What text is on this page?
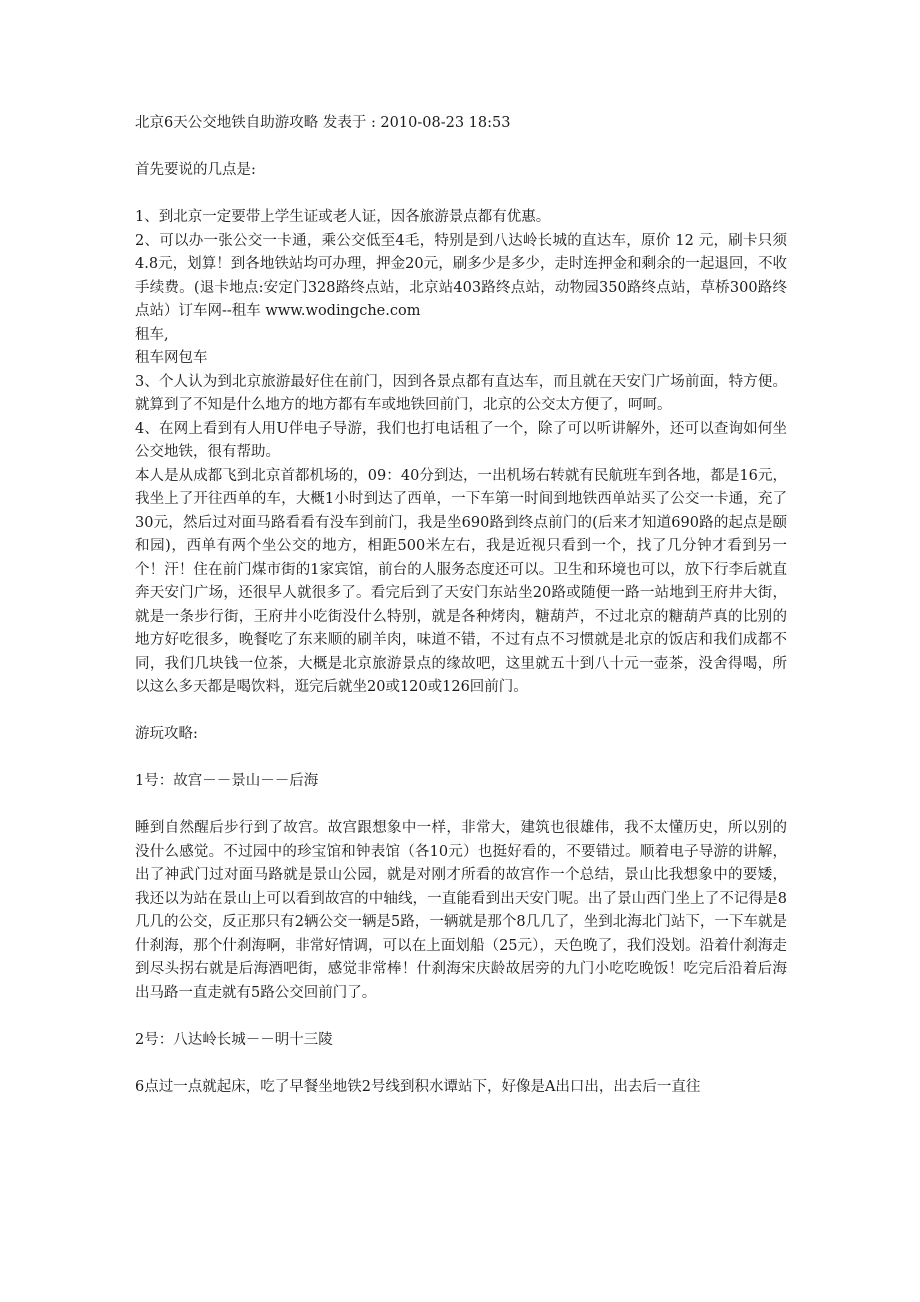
北京6天公交地铁自助游攻略 发表于 : 2010-08-23 18:53

首先要说的几点是:

1、到北京一定要带上学生证或老人证，因各旅游景点都有优惠。

2、可以办一张公交一卡通，乘公交低至4毛，特别是到八达岭长城的直达车，原价 12 元，刷卡只须4.8元，划算！到各地铁站均可办理，押金20元，刷多少是多少，走时连押金和剩余的一起退回，不收手续费。(退卡地点:安定门328路终点站，北京站403路终点站，动物园350路终点站，草桥300路终点站）订车网--租车 www.wodingche.com

租车,

租车网包车

3、个人认为到北京旅游最好住在前门，因到各景点都有直达车，而且就在天安门广场前面，特方便。就算到了不知是什么地方的地方都有车或地铁回前门，北京的公交太方便了，呵呵。

4、在网上看到有人用U伴电子导游，我们也打电话租了一个，除了可以听讲解外，还可以查询如何坐公交地铁，很有帮助。

本人是从成都飞到北京首都机场的，09：40分到达，一出机场右转就有民航班车到各地，都是16元，我坐上了开往西单的车，大概1小时到达了西单，一下车第一时间到地铁西单站买了公交一卡通，充了30元，然后过对面马路看看有没车到前门，我是坐690路到终点前门的(后来才知道690路的起点是颐和园)，西单有两个坐公交的地方，相距500米左右，我是近视只看到一个，找了几分钟才看到另一个！汗！住在前门煤市街的1家宾馆，前台的人服务态度还可以。卫生和环境也可以，放下行李后就直奔天安门广场，还很早人就很多了。看完后到了天安门东站坐20路或随便一路一站地到王府井大街，就是一条步行街，王府井小吃街没什么特别，就是各种烤肉，糖葫芦，不过北京的糖葫芦真的比别的地方好吃很多，晚餐吃了东来顺的刷羊肉，味道不错，不过有点不习惯就是北京的饭店和我们成都不同，我们几块钱一位茶，大概是北京旅游景点的缘故吧，这里就五十到八十元一壶茶，没舍得喝，所以这么多天都是喝饮料，逛完后就坐20或120或126回前门。

游玩攻略:

1号：故宫－－景山－－后海

睡到自然醒后步行到了故宫。故宫跟想象中一样，非常大，建筑也很雄伟，我不太懂历史，所以别的没什么感觉。不过园中的珍宝馆和钟表馆（各10元）也挺好看的，不要错过。顺着电子导游的讲解，出了神武门过对面马路就是景山公园，就是对刚才所看的故宫作一个总结，景山比我想象中的要矮，我还以为站在景山上可以看到故宫的中轴线，一直能看到出天安门呢。出了景山西门坐上了不记得是8几几的公交，反正那只有2辆公交一辆是5路，一辆就是那个8几几了，坐到北海北门站下，一下车就是什刹海，那个什刹海啊，非常好情调，可以在上面划船（25元），天色晚了，我们没划。沿着什刹海走到尽头拐右就是后海酒吧街，感觉非常棒！什刹海宋庆龄故居旁的九门小吃吃晚饭！吃完后沿着后海出马路一直走就有5路公交回前门了。

2号：八达岭长城－－明十三陵

6点过一点就起床，吃了早餐坐地铁2号线到积水谭站下，好像是A出口出，出去后一直往
